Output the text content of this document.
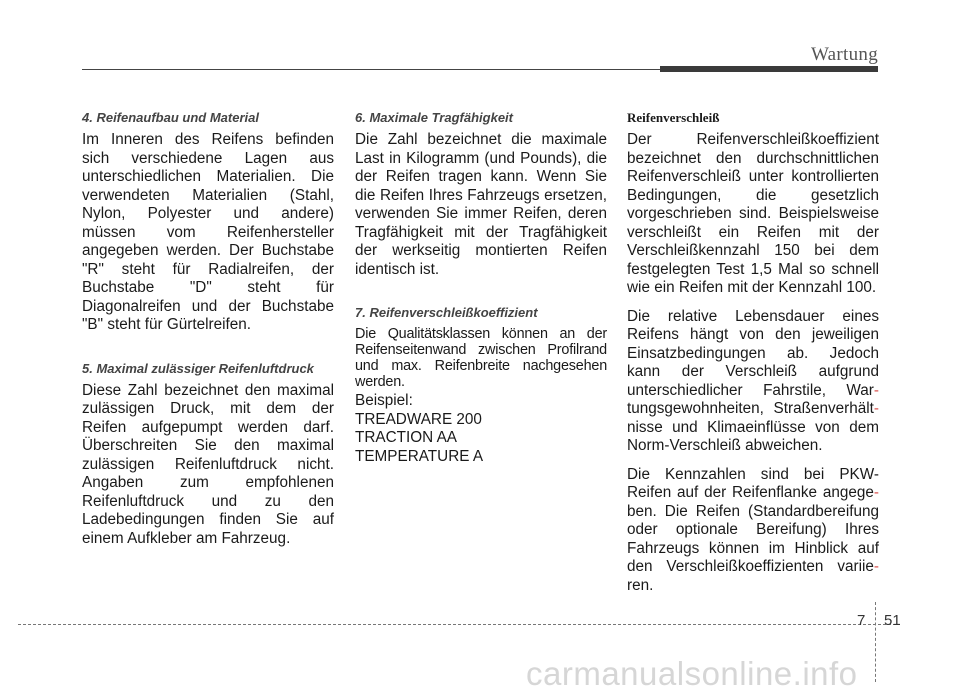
Wartung
4. Reifenaufbau und Material

Im Inneren des Reifens befinden sich verschiedene Lagen aus unterschiedlichen Materialien. Die verwendeten Materialien (Stahl, Nylon, Polyester und andere) müssen vom Reifenhersteller angegeben werden. Der Buchstabe "R" steht für Radialreifen, der Buchstabe "D" steht für Diagonalreifen und der Buchstabe "B" steht für Gürtelreifen.

5. Maximal zulässiger Reifenluftdruck

Diese Zahl bezeichnet den maximal zulässigen Druck, mit dem der Reifen aufgepumpt werden darf. Überschreiten Sie den maximal zulässigen Reifenluftdruck nicht. Angaben zum empfohlenen Reifenluftdruck und zu den Ladebedingungen finden Sie auf einem Aufkleber am Fahrzeug.

6. Maximale Tragfähigkeit

Die Zahl bezeichnet die maximale Last in Kilogramm (und Pounds), die der Reifen tragen kann. Wenn Sie die Reifen Ihres Fahrzeugs ersetzen, verwenden Sie immer Reifen, deren Tragfähigkeit mit der Tragfähigkeit der werkseitig montierten Reifen identisch ist.

7. Reifenverschleißkoeffizient

Die Qualitätsklassen können an der Reifenseitenwand zwischen Profilrand und max. Reifenbreite nachgesehen werden.

Beispiel:
TREADWARE 200
TRACTION AA
TEMPERATURE A
Reifenverschleiß

Der Reifenverschleißkoeffizient bezeichnet den durchschnittlichen Reifenverschleiß unter kontrollierten Bedingungen, die gesetzlich vorgeschrieben sind. Beispielsweise verschleißt ein Reifen mit der Verschleißkennzahl 150 bei dem festgelegten Test 1,5 Mal so schnell wie ein Reifen mit der Kennzahl 100.

Die relative Lebensdauer eines Reifens hängt von den jeweiligen Einsatzbedingungen ab. Jedoch kann der Verschleiß aufgrund unterschiedlicher Fahrstile, War- tungsgewohnheiten, Straßenverhält- nisse und Klimaeinflüsse von dem Norm-Verschleiß abweichen.

Die Kennzahlen sind bei PKW-Reifen auf der Reifenflanke angege- ben. Die Reifen (Standardbereifung oder optionale Bereifung) Ihres Fahrzeugs können im Hinblick auf den Verschleißkoeffizienten variie- ren.

7 51
carmanualsonline.info
